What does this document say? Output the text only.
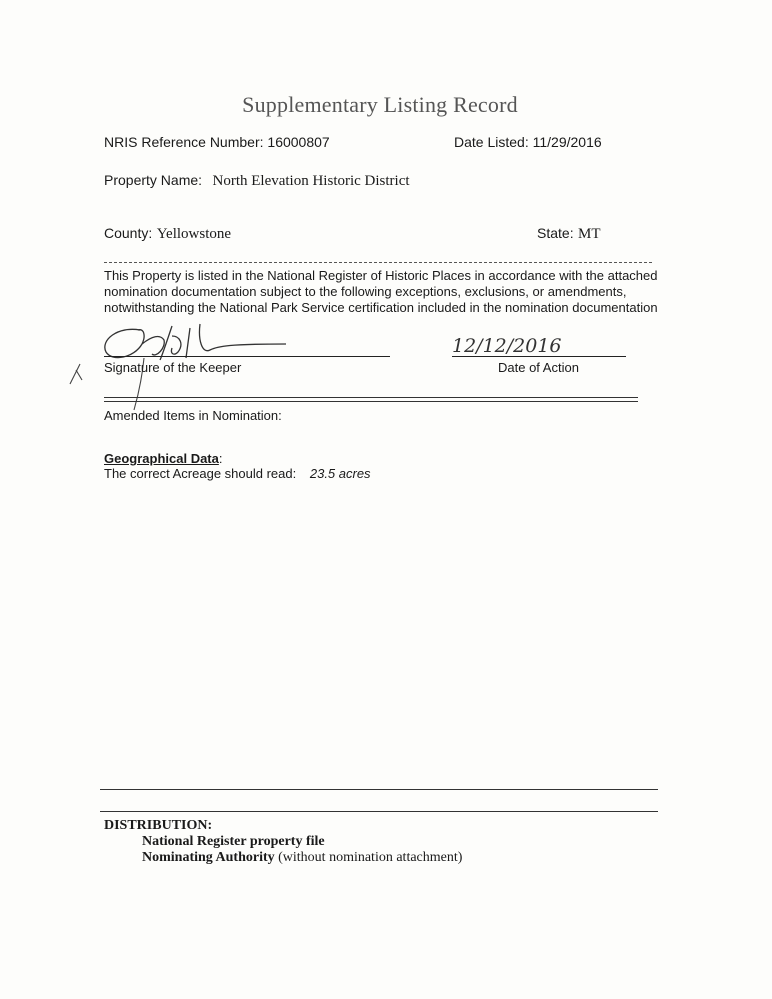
Supplementary Listing Record
NRIS Reference Number: 16000807	Date Listed: 11/29/2016
Property Name: North Elevation Historic District
County: Yellowstone	State: MT
This Property is listed in the National Register of Historic Places in accordance with the attached nomination documentation subject to the following exceptions, exclusions, or amendments, notwithstanding the National Park Service certification included in the nomination documentation
Signature of the Keeper
12/12/2016
Date of Action
Amended Items in Nomination:
Geographical Data:
The correct Acreage should read: 23.5 acres
DISTRIBUTION:
National Register property file
Nominating Authority (without nomination attachment)
